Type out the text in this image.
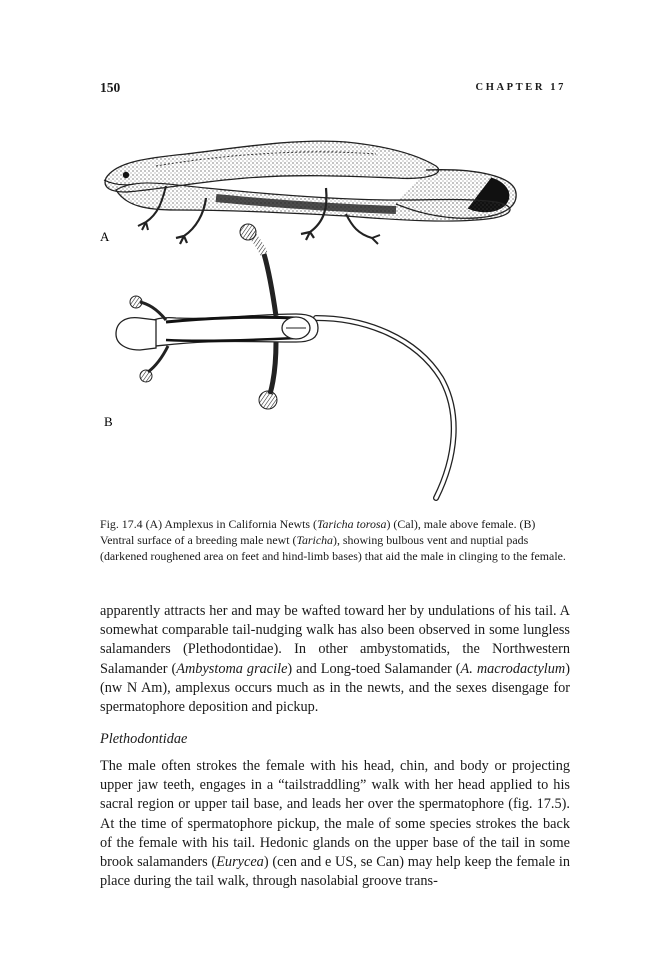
150	CHAPTER 17
A
B
Fig. 17.4 (A) Amplexus in California Newts (Taricha torosa) (Cal), male above female. (B) Ventral surface of a breeding male newt (Taricha), showing bulbous vent and nuptial pads (darkened roughened area on feet and hind-limb bases) that aid the male in clinging to the female.
apparently attracts her and may be wafted toward her by undulations of his tail. A somewhat comparable tail-nudging walk has also been observed in some lungless salamanders (Plethodontidae). In other ambystomatids, the Northwestern Salamander (Ambystoma gracile) and Long-toed Salamander (A. macrodactylum) (nw N Am), amplexus occurs much as in the newts, and the sexes disengage for spermatophore deposition and pickup.
Plethodontidae
The male often strokes the female with his head, chin, and body or projecting upper jaw teeth, engages in a “tailstraddling” walk with her head applied to his sacral region or upper tail base, and leads her over the spermatophore (fig. 17.5). At the time of spermatophore pickup, the male of some species strokes the back of the female with his tail. Hedonic glands on the upper base of the tail in some brook salamanders (Eurycea) (cen and e US, se Can) may help keep the female in place during the tail walk, through nasolabial groove trans-
